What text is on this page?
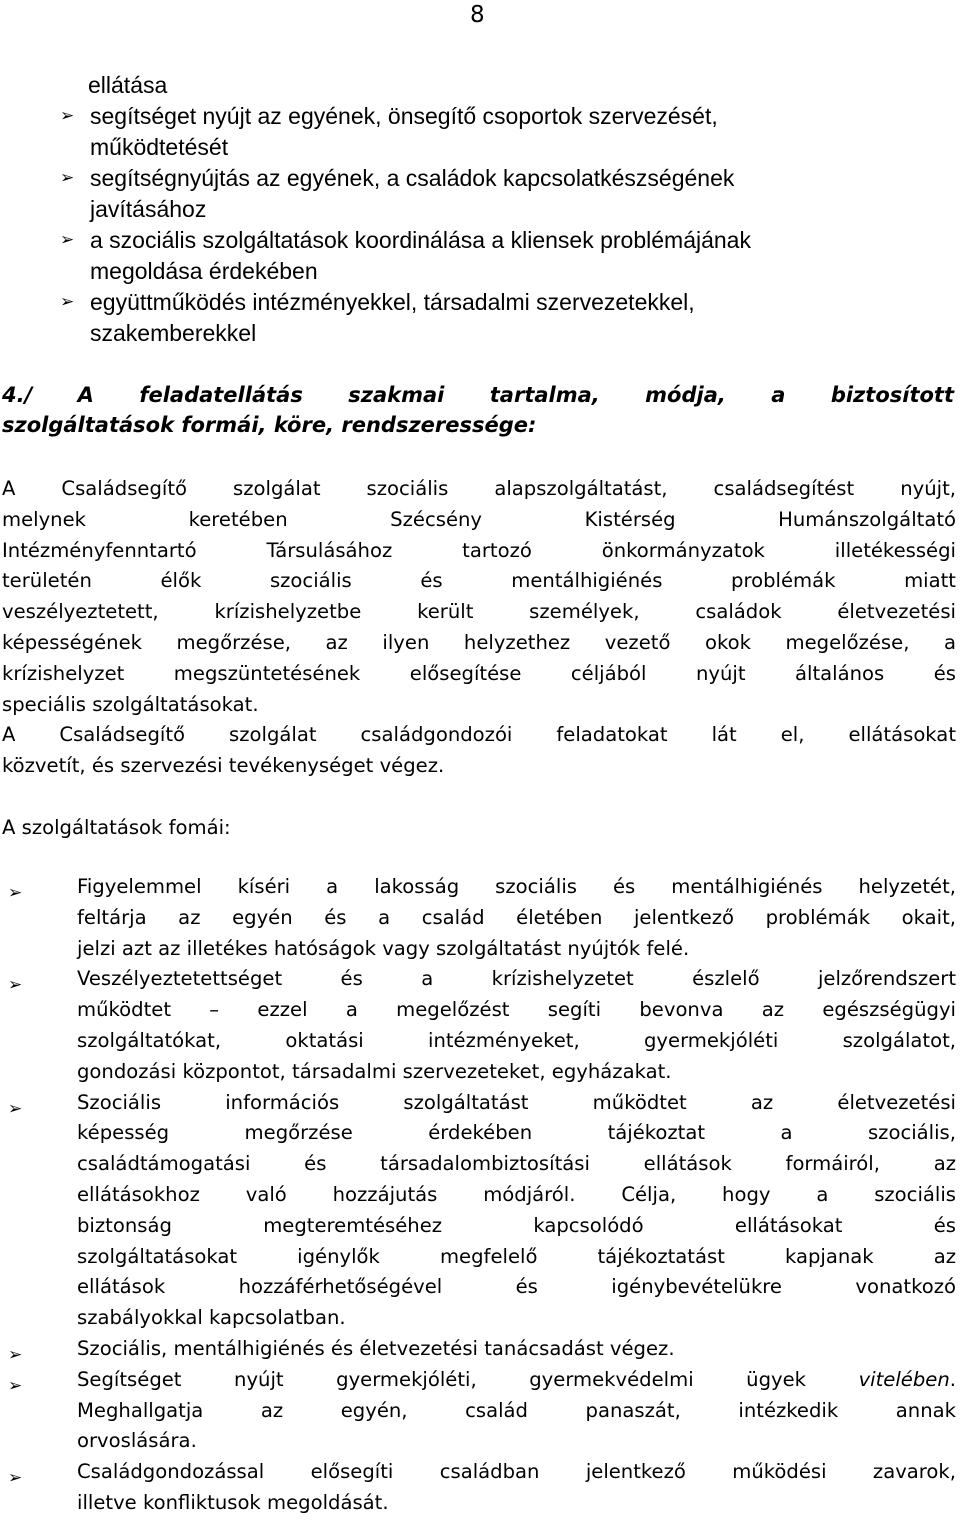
8
ellátása
➢ segítséget nyújt az egyének, önsegítő csoportok szervezését,
működtetését
➢ segítségnyújtás az egyének, a családok kapcsolatkészségének
javításához
➢ a szociális szolgáltatások koordinálása a kliensek problémájának
megoldása érdekében
➢ együttműködés intézményekkel, társadalmi szervezetekkel,
szakemberekkel
4./ A feladatellátás szakmai tartalma, módja, a biztosított
szolgáltatások formái, köre, rendszeressége:
A Családsegítő szolgálat szociális alapszolgáltatást, családsegítést nyújt,
melynek keretében Szécsény Kistérség Humánszolgáltató
Intézményfenntartó Társulásához tartozó önkormányzatok illetékességi
területén élők szociális és mentálhigiénés problémák miatt
veszélyeztetett, krízishelyzetbe került személyek, családok életvezetési
képességének megőrzése, az ilyen helyzethez vezető okok megelőzése, a
krízishelyzet megszüntetésének elősegítése céljából nyújt általános és
speciális szolgáltatásokat.
A Családsegítő szolgálat családgondozói feladatokat lát el, ellátásokat
közvetít, és szervezési tevékenységet végez.
A szolgáltatások fomái:
➢	Figyelemmel kíséri a lakosság szociális és mentálhigiénés helyzetét,
feltárja az egyén és a család életében jelentkező problémák okait,
jelzi azt az illetékes hatóságok vagy szolgáltatást nyújtók felé.
➢	Veszélyeztetettséget és a krízishelyzetet észlelő jelzőrendszert
működtet – ezzel a megelőzést segíti bevonva az egészségügyi
szolgáltatókat, oktatási intézményeket, gyermekjóléti szolgálatot,
gondozási központot, társadalmi szervezeteket, egyházakat.
➢	Szociális információs szolgáltatást működtet az életvezetési
képesség megőrzése érdekében tájékoztat a szociális,
családtámogatási és társadalombiztosítási ellátások formáiról, az
ellátásokhoz való hozzájutás módjáról. Célja, hogy a szociális
biztonság megteremtéséhez kapcsolódó ellátásokat és
szolgáltatásokat igénylők megfelelő tájékoztatást kapjanak az
ellátások hozzáférhetőségével és igénybevételükre vonatkozó
szabályokkal kapcsolatban.
➢	Szociális, mentálhigiénés és életvezetési tanácsadást végez.
➢	Segítséget nyújt gyermekjóléti, gyermekvédelmi ügyek vitelében.
Meghallgatja az egyén, család panaszát, intézkedik annak
orvoslására.
➢	Családgondozással elősegíti családban jelentkező működési zavarok,
illetve konfliktusok megoldását.
